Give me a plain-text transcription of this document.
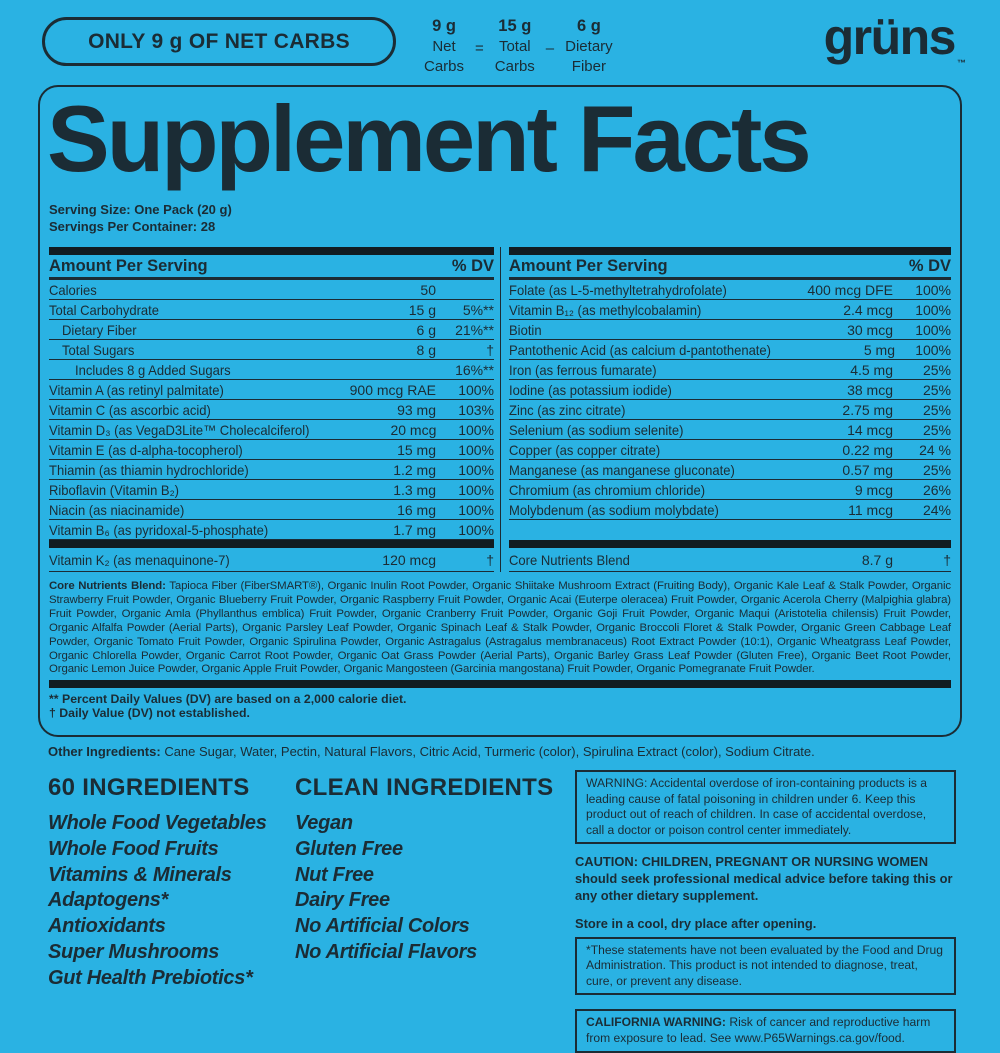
ONLY 9 g OF NET CARBS
9 g
Net
Carbs
=
15 g
Total
Carbs
–
6 g
Dietary
Fiber
grüns ™
Supplement Facts
Serving Size: One Pack (20 g)
Servings Per Container: 28
Amount Per Serving	% DV
Calories	50
Total Carbohydrate	15 g	5%**
Dietary Fiber	6 g	21%**
Total Sugars	8 g	†
Includes 8 g Added Sugars	16%**
Vitamin A (as retinyl palmitate)	900 mcg RAE	100%
Vitamin C (as ascorbic acid)	93 mg	103%
Vitamin D₃ (as VegaD3Lite™ Cholecalciferol)	20 mcg	100%
Vitamin E (as d-alpha-tocopherol)	15 mg	100%
Thiamin (as thiamin hydrochloride)	1.2 mg	100%
Riboflavin (Vitamin B₂)	1.3 mg	100%
Niacin (as niacinamide)	16 mg	100%
Vitamin B₆ (as pyridoxal-5-phosphate)	1.7 mg	100%
Vitamin K₂ (as menaquinone-7)	120 mcg	†
Amount Per Serving	% DV
Folate (as L-5-methyltetrahydrofolate)	400 mcg DFE	100%
Vitamin B₁₂ (as methylcobalamin)	2.4 mcg	100%
Biotin	30 mcg	100%
Pantothenic Acid (as calcium d-pantothenate)	5 mg	100%
Iron (as ferrous fumarate)	4.5 mg	25%
Iodine (as potassium iodide)	38 mcg	25%
Zinc (as zinc citrate)	2.75 mg	25%
Selenium (as sodium selenite)	14 mcg	25%
Copper (as copper citrate)	0.22 mg	24 %
Manganese (as manganese gluconate)	0.57 mg	25%
Chromium (as chromium chloride)	9 mcg	26%
Molybdenum (as sodium molybdate)	11 mcg	24%
Core Nutrients Blend	8.7 g	†

Core Nutrients Blend: Tapioca Fiber (FiberSMART®), Organic Inulin Root Powder, Organic Shiitake Mushroom Extract (Fruiting Body), Organic Kale Leaf & Stalk Powder, Organic Strawberry Fruit Powder, Organic Blueberry Fruit Powder, Organic Raspberry Fruit Powder, Organic Acai (Euterpe oleracea) Fruit Powder, Organic Acerola Cherry (Malpighia glabra) Fruit Powder, Organic Amla (Phyllanthus emblica) Fruit Powder, Organic Cranberry Fruit Powder, Organic Goji Fruit Powder, Organic Maqui (Aristotelia chilensis) Fruit Powder, Organic Alfalfa Powder (Aerial Parts), Organic Parsley Leaf Powder, Organic Spinach Leaf & Stalk Powder, Organic Broccoli Floret & Stalk Powder, Organic Green Cabbage Leaf Powder, Organic Tomato Fruit Powder, Organic Spirulina Powder, Organic Astragalus (Astragalus membranaceus) Root Extract Powder (10:1), Organic Wheatgrass Leaf Powder, Organic Chlorella Powder, Organic Carrot Root Powder, Organic Oat Grass Powder (Aerial Parts), Organic Barley Grass Leaf Powder (Gluten Free), Organic Beet Root Powder, Organic Lemon Juice Powder, Organic Apple Fruit Powder, Organic Mangosteen (Garcinia mangostana) Fruit Powder, Organic Pomegranate Fruit Powder.

** Percent Daily Values (DV) are based on a 2,000 calorie diet.
† Daily Value (DV) not established.

Other Ingredients: Cane Sugar, Water, Pectin, Natural Flavors, Citric Acid, Turmeric (color), Spirulina Extract (color), Sodium Citrate.

60 INGREDIENTS
Whole Food Vegetables
Whole Food Fruits
Vitamins & Minerals
Adaptogens*
Antioxidants
Super Mushrooms
Gut Health Prebiotics*
CLEAN INGREDIENTS
Vegan
Gluten Free
Nut Free
Dairy Free
No Artificial Colors
No Artificial Flavors
WARNING: Accidental overdose of iron-containing products is a leading cause of fatal poisoning in children under 6. Keep this product out of reach of children. In case of accidental overdose, call a doctor or poison control center immediately.

CAUTION: CHILDREN, PREGNANT OR NURSING WOMEN should seek professional medical advice before taking this or any other dietary supplement.

Store in a cool, dry place after opening.

*These statements have not been evaluated by the Food and Drug Administration. This product is not intended to diagnose, treat, cure, or prevent any disease.
CALIFORNIA WARNING: Risk of cancer and reproductive harm from exposure to lead. See www.P65Warnings.ca.gov/food.
